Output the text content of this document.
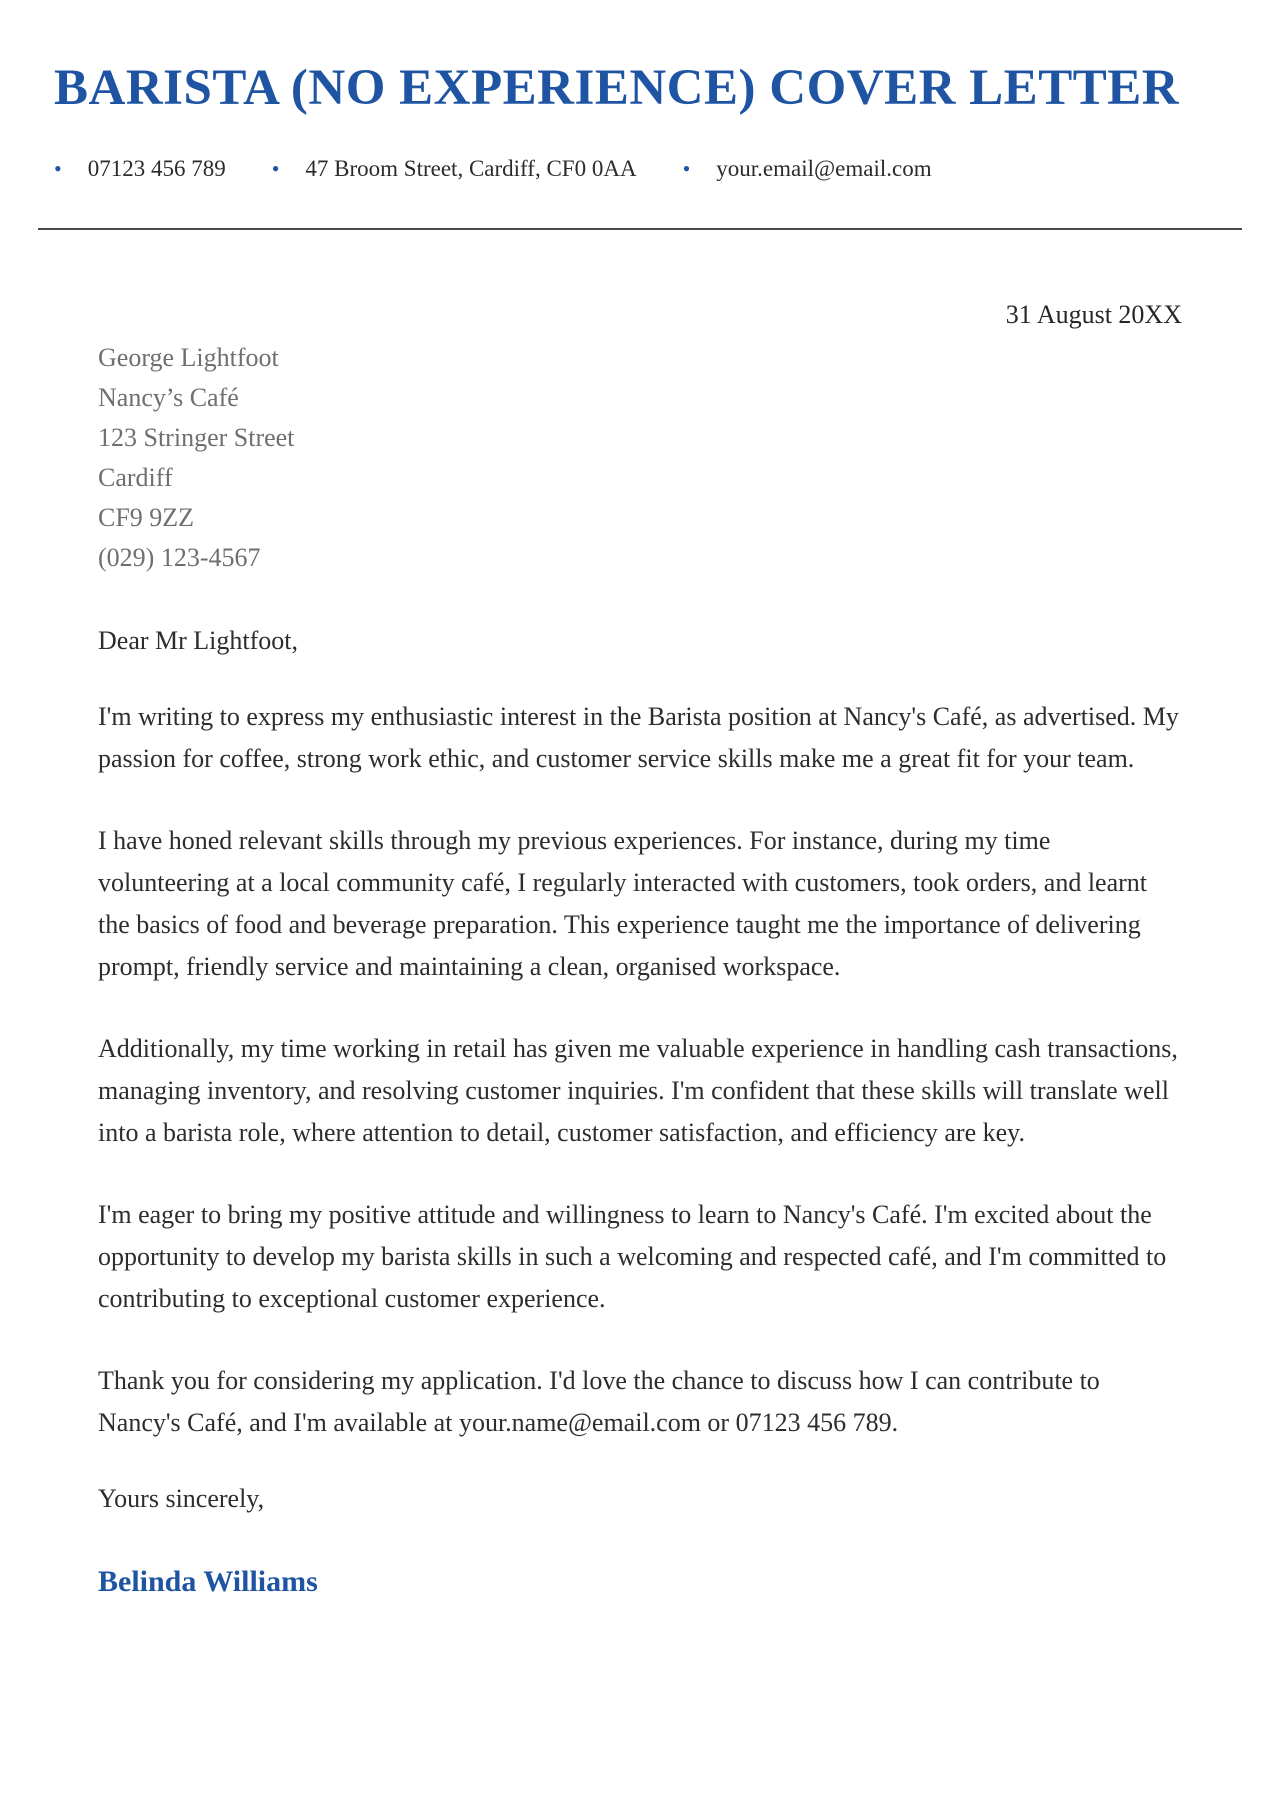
BARISTA (NO EXPERIENCE) COVER LETTER
• 07123 456 789 • 47 Broom Street, Cardiff, CF0 0AA • your.email@email.com
31 August 20XX
George Lightfoot
Nancy’s Café
123 Stringer Street
Cardiff
CF9 9ZZ
(029) 123-4567

Dear Mr Lightfoot,

I'm writing to express my enthusiastic interest in the Barista position at Nancy's Café, as advertised. My passion for coffee, strong work ethic, and customer service skills make me a great fit for your team.

I have honed relevant skills through my previous experiences. For instance, during my time volunteering at a local community café, I regularly interacted with customers, took orders, and learnt the basics of food and beverage preparation. This experience taught me the importance of delivering prompt, friendly service and maintaining a clean, organised workspace.

Additionally, my time working in retail has given me valuable experience in handling cash transactions, managing inventory, and resolving customer inquiries. I'm confident that these skills will translate well into a barista role, where attention to detail, customer satisfaction, and efficiency are key.

I'm eager to bring my positive attitude and willingness to learn to Nancy's Café. I'm excited about the opportunity to develop my barista skills in such a welcoming and respected café, and I'm committed to contributing to exceptional customer experience.

Thank you for considering my application. I'd love the chance to discuss how I can contribute to Nancy's Café, and I'm available at your.name@email.com or 07123 456 789.

Yours sincerely,

Belinda Williams
